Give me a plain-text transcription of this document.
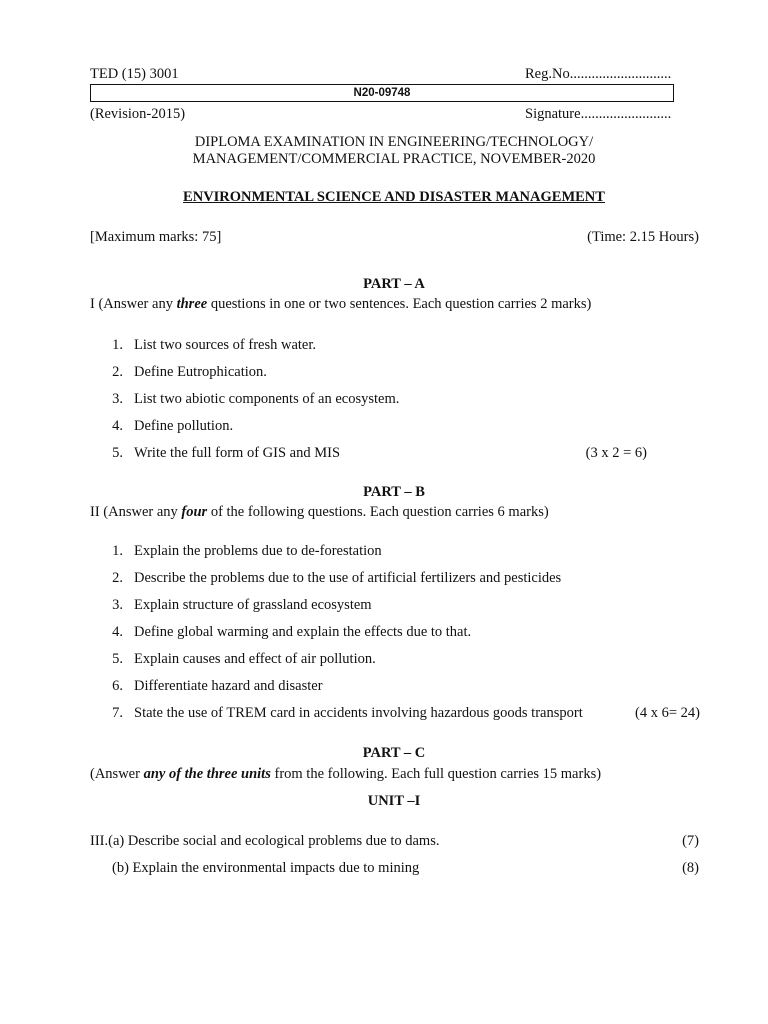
TED (15) 3001	Reg.No............................
N20-09748
(Revision-2015)	Signature.........................
DIPLOMA EXAMINATION IN ENGINEERING/TECHNOLOGY/
MANAGEMENT/COMMERCIAL PRACTICE, NOVEMBER-2020
ENVIRONMENTAL SCIENCE AND DISASTER MANAGEMENT
[Maximum marks: 75]	(Time: 2.15 Hours)
PART – A
I (Answer any three questions in one or two sentences. Each question carries 2 marks)
1. List two sources of fresh water.
2. Define Eutrophication.
3. List two abiotic components of an ecosystem.
4. Define pollution.
5. Write the full form of GIS and MIS	(3 x 2 = 6)
PART – B
II (Answer any four of the following questions. Each question carries 6 marks)
1. Explain the problems due to de-forestation
2. Describe the problems due to the use of artificial fertilizers and pesticides
3. Explain structure of grassland ecosystem
4. Define global warming and explain the effects due to that.
5. Explain causes and effect of air pollution.
6. Differentiate hazard and disaster
7. State the use of TREM card in accidents involving hazardous goods transport	(4 x 6= 24)
PART – C
(Answer any of the three units from the following. Each full question carries 15 marks)
UNIT –I
III.(a) Describe social and ecological problems due to dams.	(7)
(b) Explain the environmental impacts due to mining	(8)
